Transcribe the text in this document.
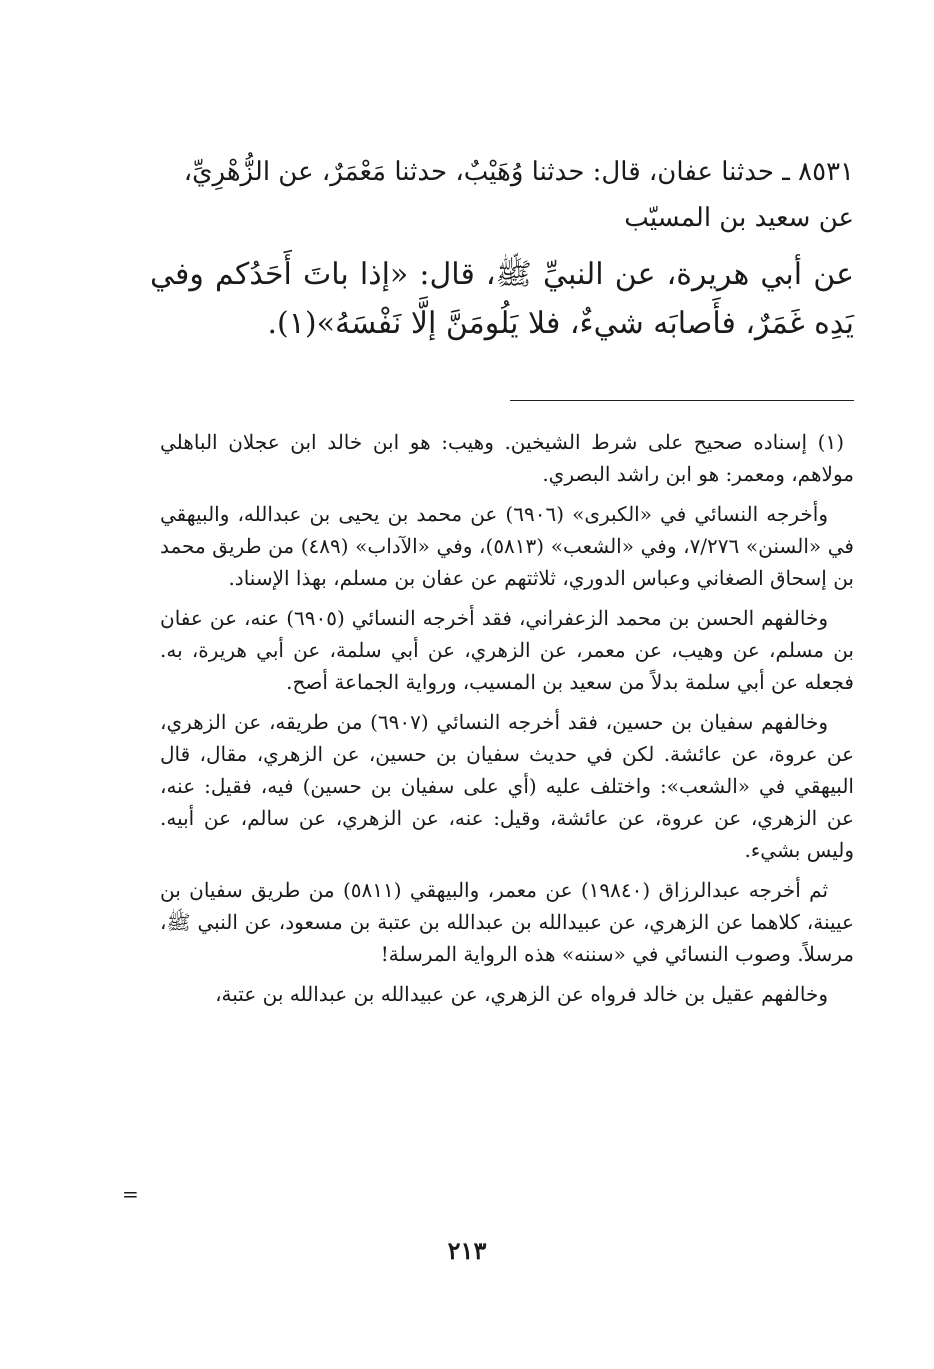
٨٥٣١ ـ حدثنا عفان، قال: حدثنا وُهَيْبٌ، حدثنا مَعْمَرٌ، عن الزُّهْرِيِّ،

عن سعيد بن المسيّب

عن أبي هريرة، عن النبيِّ ﷺ، قال: «إذا باتَ أَحَدُكم وفي يَدِه غَمَرٌ، فأَصابَه شيءٌ، فلا يَلُومَنَّ إلَّا نَفْسَهُ»(١).

(١) إسناده صحيح على شرط الشيخين. وهيب: هو ابن خالد ابن عجلان الباهلي مولاهم، ومعمر: هو ابن راشد البصري.

وأخرجه النسائي في «الكبرى» (٦٩٠٦) عن محمد بن يحيى بن عبدالله، والبيهقي في «السنن» ٧/٢٧٦، وفي «الشعب» (٥٨١٣)، وفي «الآداب» (٤٨٩) من طريق محمد بن إسحاق الصغاني وعباس الدوري، ثلاثتهم عن عفان بن مسلم، بهذا الإسناد.

وخالفهم الحسن بن محمد الزعفراني، فقد أخرجه النسائي (٦٩٠٥) عنه، عن عفان بن مسلم، عن وهيب، عن معمر، عن الزهري، عن أبي سلمة، عن أبي هريرة، به. فجعله عن أبي سلمة بدلاً من سعيد بن المسيب، ورواية الجماعة أصح.

وخالفهم سفيان بن حسين، فقد أخرجه النسائي (٦٩٠٧) من طريقه، عن الزهري، عن عروة، عن عائشة. لكن في حديث سفيان بن حسين، عن الزهري، مقال، قال البيهقي في «الشعب»: واختلف عليه (أي على سفيان بن حسين) فيه، فقيل: عنه، عن الزهري، عن عروة، عن عائشة، وقيل: عنه، عن الزهري، عن سالم، عن أبيه. وليس بشيء.

ثم أخرجه عبدالرزاق (١٩٨٤٠) عن معمر، والبيهقي (٥٨١١) من طريق سفيان بن عيينة، كلاهما عن الزهري، عن عبيدالله بن عبدالله بن عتبة بن مسعود، عن النبي ﷺ، مرسلاً. وصوب النسائي في «سننه» هذه الرواية المرسلة!

وخالفهم عقيل بن خالد فرواه عن الزهري، عن عبيدالله بن عبدالله بن عتبة،

=
٢١٣
